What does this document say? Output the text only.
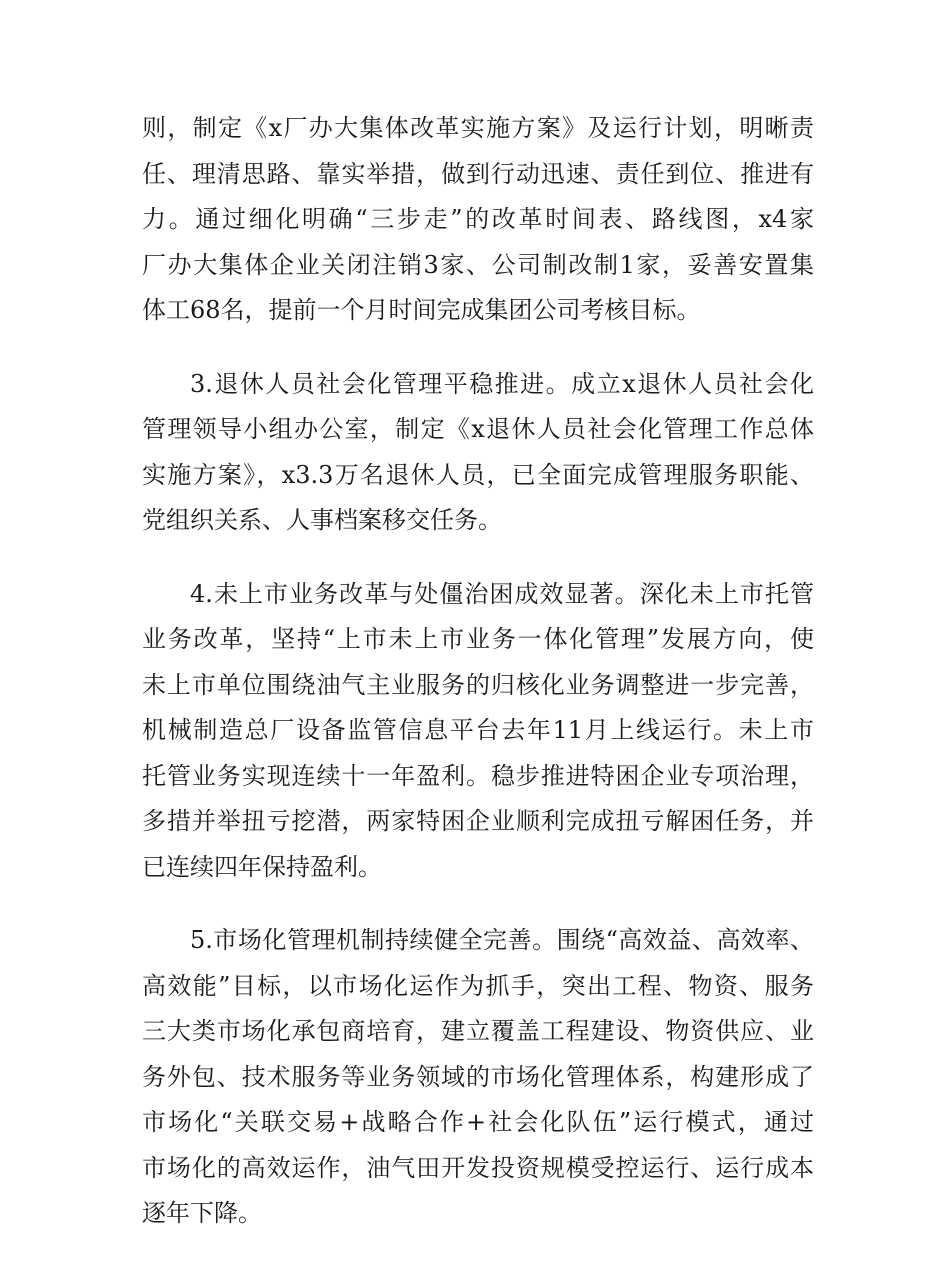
则，制定《x厂办大集体改革实施方案》及运行计划，明晰责
任、理清思路、靠实举措，做到行动迅速、责任到位、推进有
力。通过细化明确“三步走”的改革时间表、路线图，x4家
厂办大集体企业关闭注销3家、公司制改制1家，妥善安置集
体工68名，提前一个月时间完成集团公司考核目标。

3.退休人员社会化管理平稳推进。成立x退休人员社会化
管理领导小组办公室，制定《x退休人员社会化管理工作总体
实施方案》，x3.3万名退休人员，已全面完成管理服务职能、
党组织关系、人事档案移交任务。

4.未上市业务改革与处僵治困成效显著。深化未上市托管
业务改革，坚持“上市未上市业务一体化管理”发展方向，使
未上市单位围绕油气主业服务的归核化业务调整进一步完善，
机械制造总厂设备监管信息平台去年11月上线运行。未上市
托管业务实现连续十一年盈利。稳步推进特困企业专项治理，
多措并举扭亏挖潜，两家特困企业顺利完成扭亏解困任务，并
已连续四年保持盈利。

5.市场化管理机制持续健全完善。围绕“高效益、高效率、
高效能”目标，以市场化运作为抓手，突出工程、物资、服务
三大类市场化承包商培育，建立覆盖工程建设、物资供应、业
务外包、技术服务等业务领域的市场化管理体系，构建形成了
市场化“关联交易+战略合作+社会化队伍”运行模式，通过
市场化的高效运作，油气田开发投资规模受控运行、运行成本
逐年下降。
